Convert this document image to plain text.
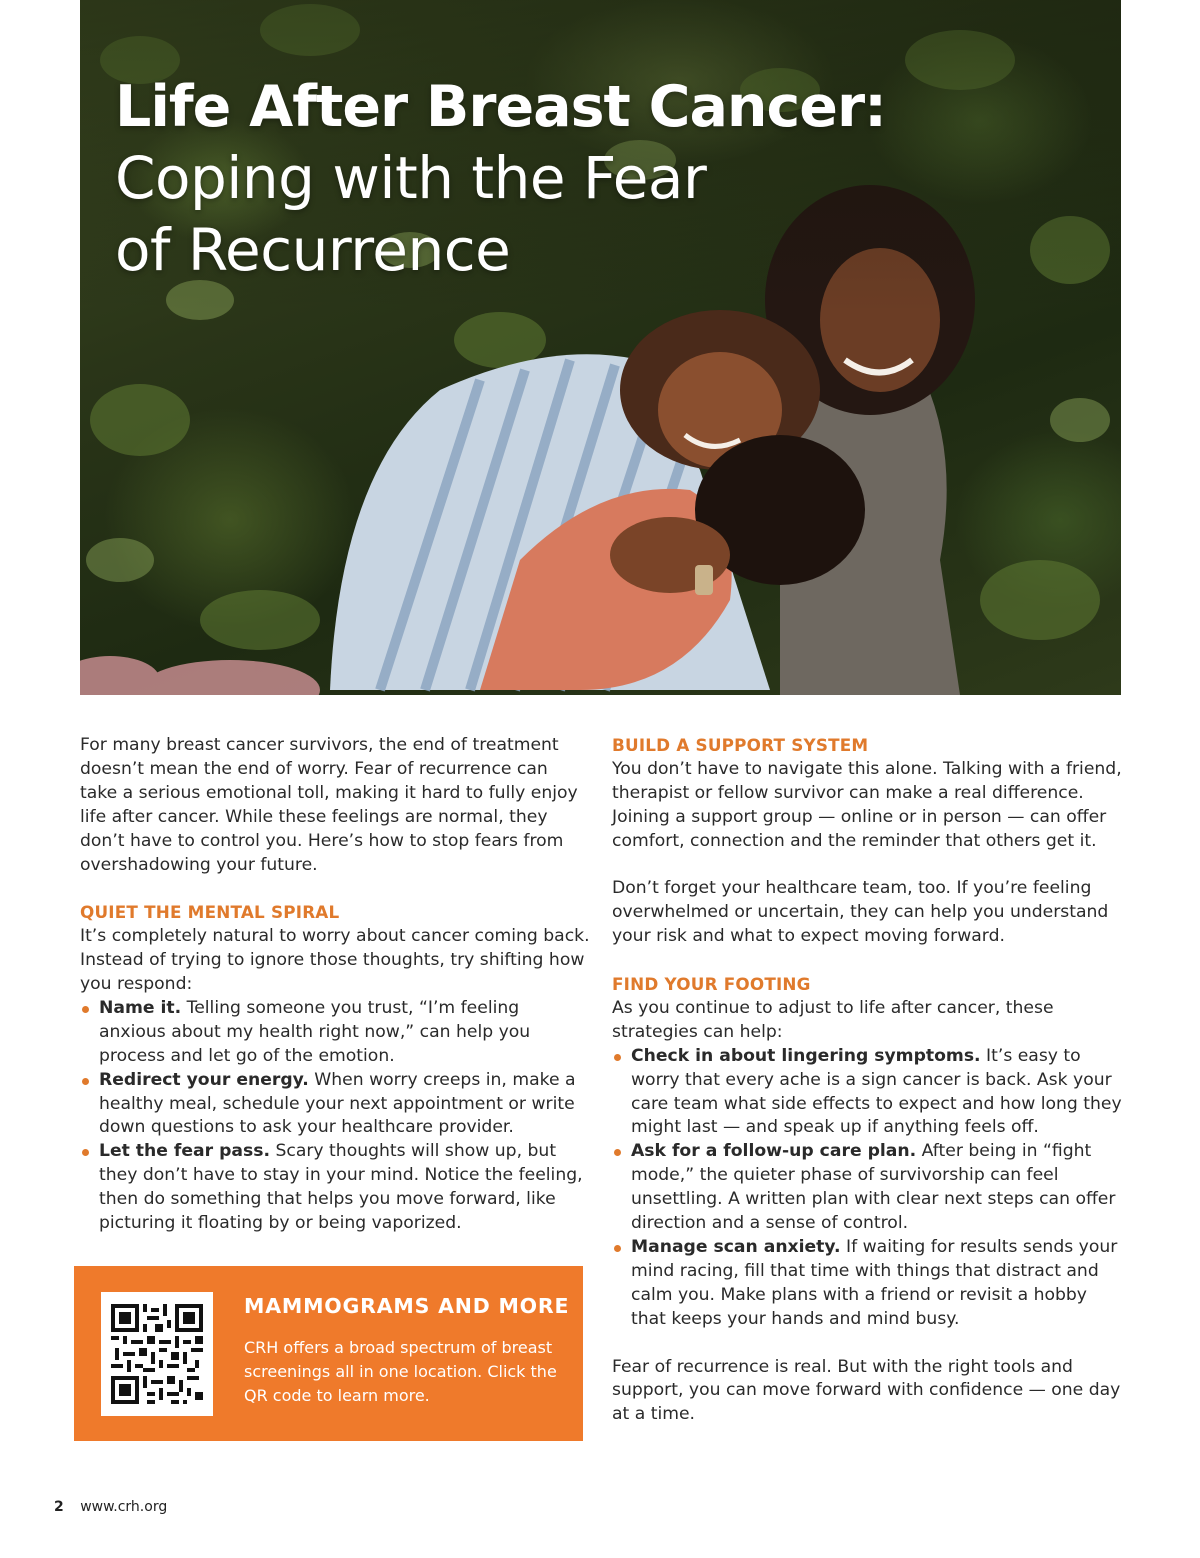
Life After Breast Cancer:
Coping with the Fear
of Recurrence

For many breast cancer survivors, the end of treatment doesn’t mean the end of worry. Fear of recurrence can take a serious emotional toll, making it hard to fully enjoy life after cancer. While these feelings are normal, they don’t have to control you. Here’s how to stop fears from overshadowing your future.

QUIET THE MENTAL SPIRAL

It’s completely natural to worry about cancer coming back. Instead of trying to ignore those thoughts, try shifting how you respond:

Name it. Telling someone you trust, “I’m feeling anxious about my health right now,” can help you process and let go of the emotion.
Redirect your energy. When worry creeps in, make a healthy meal, schedule your next appointment or write down questions to ask your healthcare provider.
Let the fear pass. Scary thoughts will show up, but they don’t have to stay in your mind. Notice the feeling, then do something that helps you move forward, like picturing it floating by or being vaporized.

MAMMOGRAMS AND MORE

CRH offers a broad spectrum of breast screenings all in one location. Click the QR code to learn more.

BUILD A SUPPORT SYSTEM

You don’t have to navigate this alone. Talking with a friend, therapist or fellow survivor can make a real difference. Joining a support group — online or in person — can offer comfort, connection and the reminder that others get it.

Don’t forget your healthcare team, too. If you’re feeling overwhelmed or uncertain, they can help you understand your risk and what to expect moving forward.

FIND YOUR FOOTING

As you continue to adjust to life after cancer, these strategies can help:

Check in about lingering symptoms. It’s easy to worry that every ache is a sign cancer is back. Ask your care team what side effects to expect and how long they might last — and speak up if anything feels off.
Ask for a follow-up care plan. After being in “fight mode,” the quieter phase of survivorship can feel unsettling. A written plan with clear next steps can offer direction and a sense of control.
Manage scan anxiety. If waiting for results sends your mind racing, fill that time with things that distract and calm you. Make plans with a friend or revisit a hobby that keeps your hands and mind busy.

Fear of recurrence is real. But with the right tools and support, you can move forward with confidence — one day at a time.

2 www.crh.org
